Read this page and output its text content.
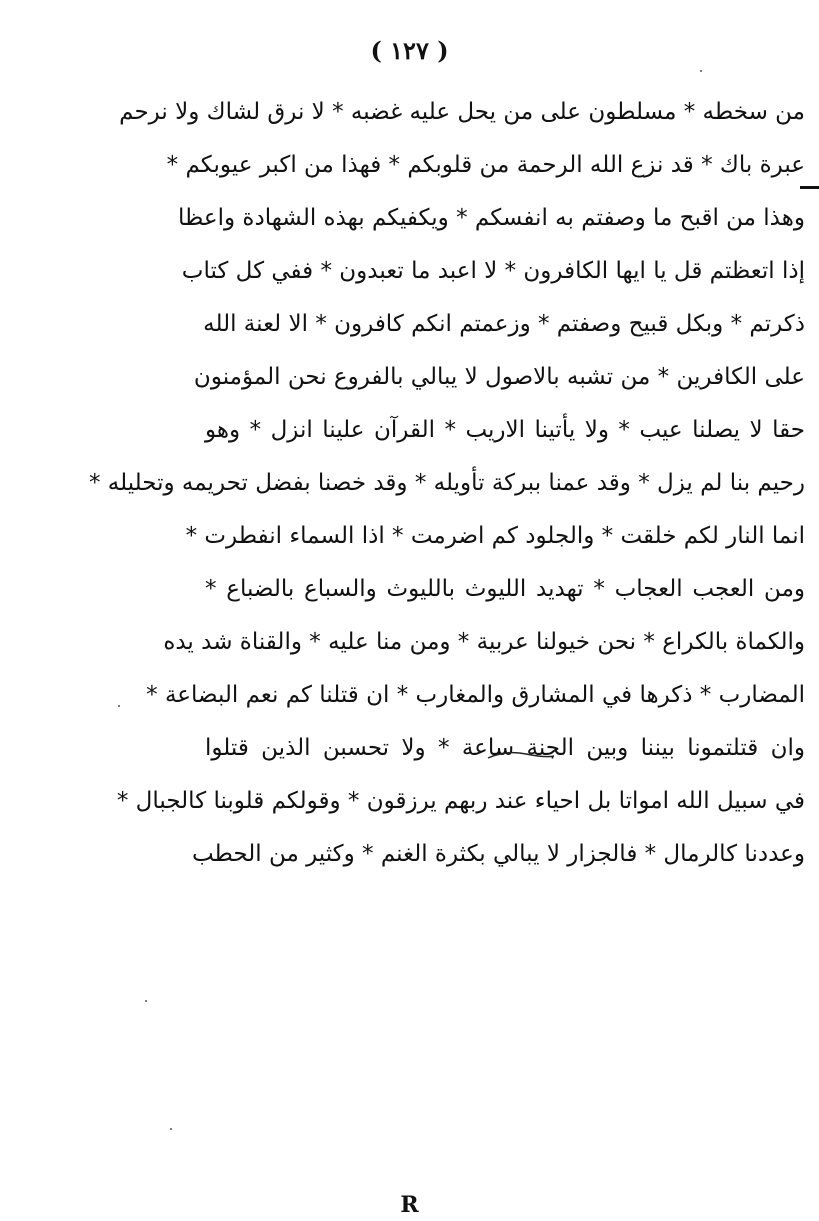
( ۱۲۷ )
من سخطه * مسلطون على من يحل عليه غضبه * لا نرق لشاك ولا نرحم
عبرة باك * قد نزع الله الرحمة من قلوبكم * فهذا من اكبر عيوبكم *
وهذا من اقبح ما وصفتم به انفسكم * ويكفيكم بهذه الشهادة واعظا
إذا اتعظتم قل يا ايها الكافرون * لا اعبد ما تعبدون * ففي كل كتاب
ذكرتم * وبكل قبيح وصفتم * وزعمتم انكم كافرون * الا لعنة الله
على الكافرين * من تشبه بالاصول لا يبالي بالفروع نحن المؤمنون
حقا لا يصلنا عيب * ولا يأتينا الاريب * القرآن علينا انزل * وهو
رحيم بنا لم يزل * وقد عمنا ببركة تأويله * وقد خصنا بفضل تحريمه وتحليله *
انما النار لكم خلقت * والجلود كم اضرمت * اذا السماء انفطرت *
ومن العجب العجاب * تهديد الليوث بالليوث والسباع بالضباع *
والكماة بالكراع * نحن خيولنا عربية * ومن منا عليه * والقناة شد يده
المضارب * ذكرها في المشارق والمغارب * ان قتلنا كم نعم البضاعة *
وان قتلتمونا بيننا وبين الجنة ساعة * ولا تحسبن الذين قتلوا
في سبيل الله امواتا بل احياء عند ربهم يرزقون * وقولكم قلوبنا كالجبال *
وعددنا كالرمال * فالجزار لا يبالي بكثرة الغنم * وكثير من الحطب
R
